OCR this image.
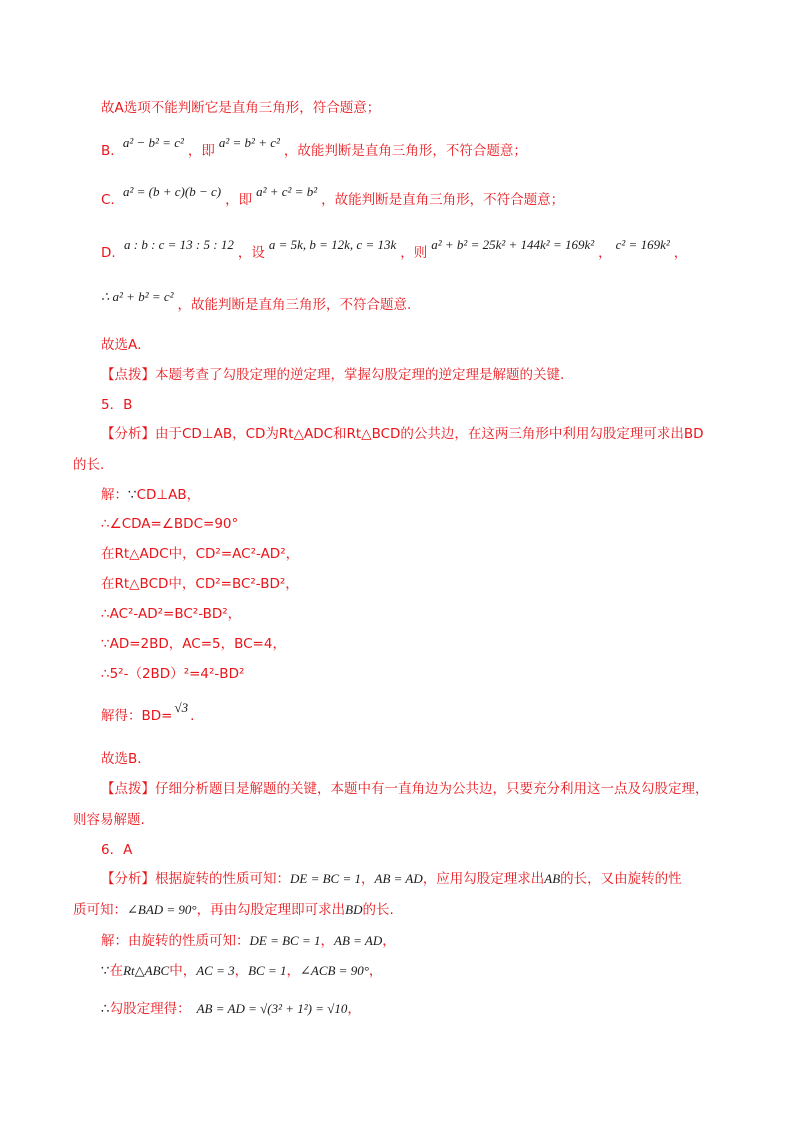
故A选项不能判断它是直角三角形，符合题意；
B. a² − b² = c²，即a² = b² + c²，故能判断是直角三角形，不符合题意；
C. a² = (b + c)(b − c)，即a² + c² = b²，故能判断是直角三角形，不符合题意；
D. a : b : c = 13 : 5 : 12，设a = 5k, b = 12k, c = 13k，则a² + b² = 25k² + 144k² = 169k²，c² = 169k²，
∴ a² + b² = c²，故能判断是直角三角形，不符合题意.
故选A．
【点拨】本题考查了勾股定理的逆定理，掌握勾股定理的逆定理是解题的关键.
5．B
【分析】由于CD⊥AB，CD为Rt△ADC和Rt△BCD的公共边，在这两三角形中利用勾股定理可求出BD
的长.
解：∵CD⊥AB，
∴∠CDA=∠BDC=90°
在Rt△ADC中，CD²=AC²-AD²，
在Rt△BCD中，CD²=BC²-BD²，
∴AC²-AD²=BC²-BD²，
∵AD=2BD，AC=5，BC=4，
∴5²-（2BD）²=4²-BD²
解得：BD=√3.
故选B．
【点拨】仔细分析题目是解题的关键，本题中有一直角边为公共边，只要充分利用这一点及勾股定理，
则容易解题.
6．A
【分析】根据旋转的性质可知：DE = BC = 1，AB = AD，应用勾股定理求出AB的长，又由旋转的性
质可知：∠BAD = 90°，再由勾股定理即可求出BD的长.
解：由旋转的性质可知：DE = BC = 1，AB = AD，
∵在Rt△ABC中，AC = 3，BC = 1，∠ACB = 90°，
∴勾股定理得： AB = AD = √(3² + 1²) = √10，
